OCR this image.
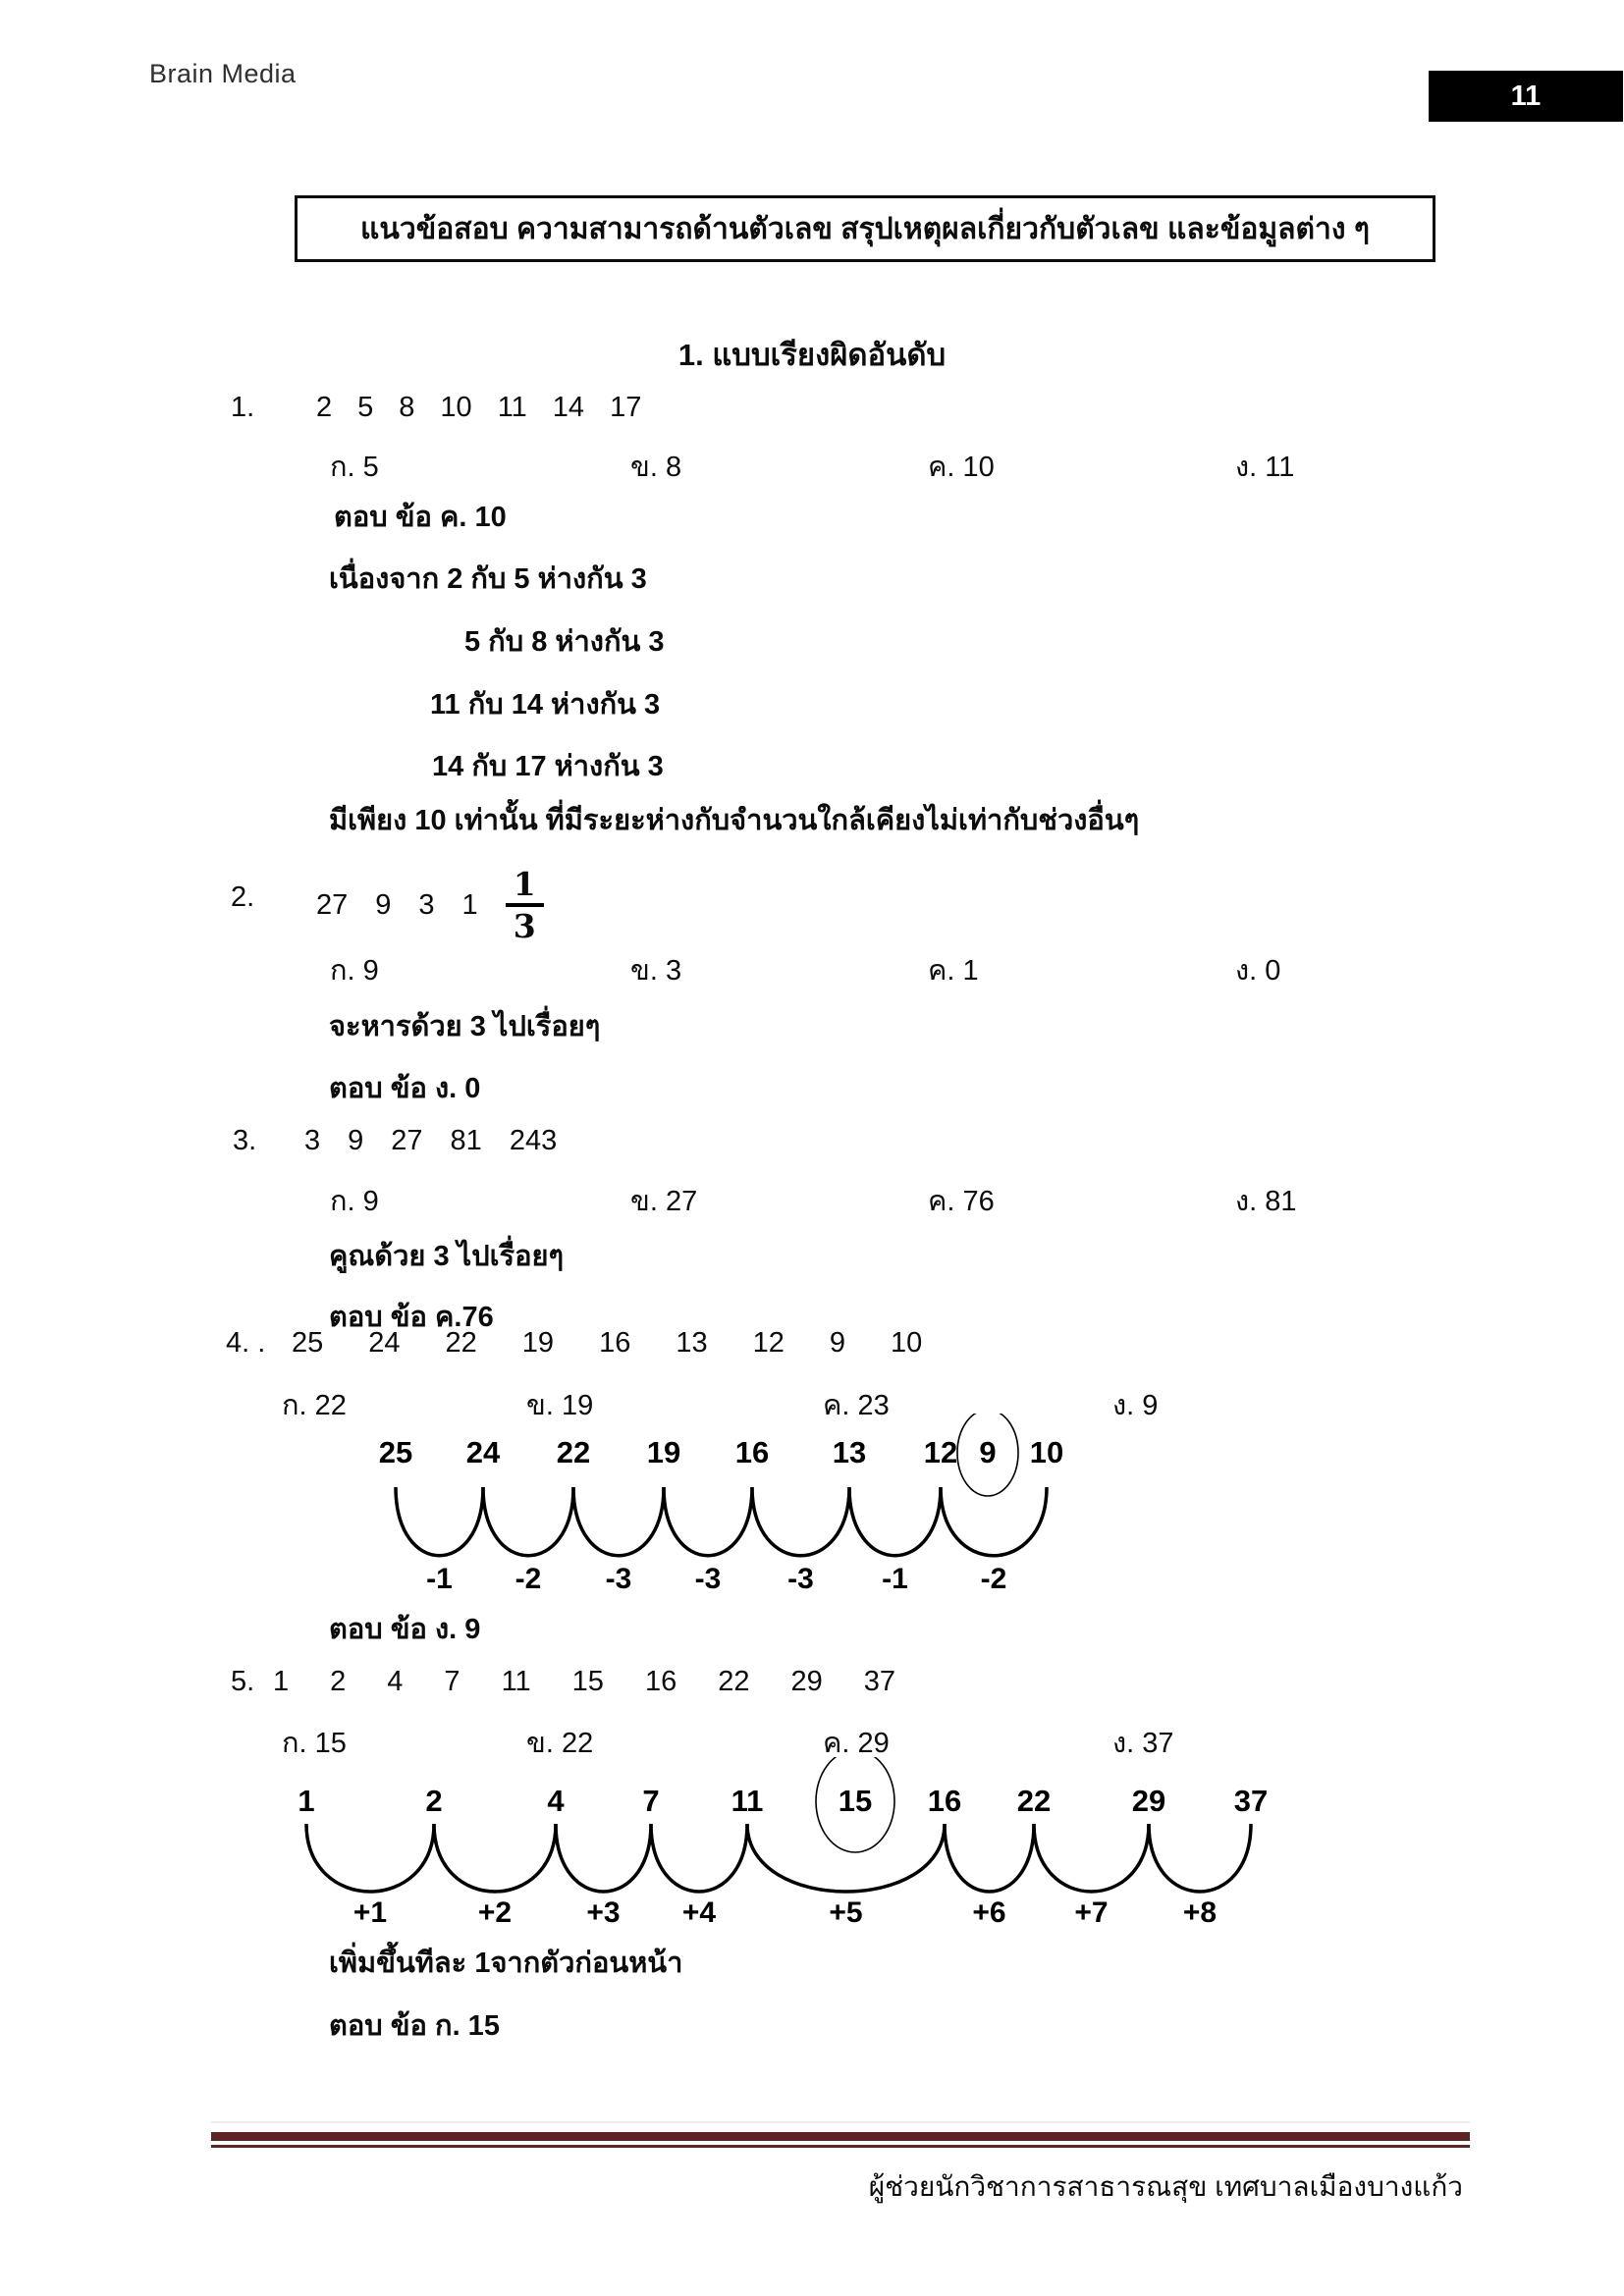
Brain Media
11
แนวข้อสอบ ความสามารถด้านตัวเลข สรุปเหตุผลเกี่ยวกับตัวเลข และข้อมูลต่าง ๆ
1. แบบเรียงผิดอันดับ
1. 2 5 8 10 11 14 17
ก. 5	ข. 8	ค. 10	ง. 11
ตอบ ข้อ ค. 10
เนื่องจาก 2 กับ 5 ห่างกัน 3
5 กับ 8 ห่างกัน 3
11 กับ 14 ห่างกัน 3
14 กับ 17 ห่างกัน 3
มีเพียง 10 เท่านั้น ที่มีระยะห่างกับจำนวนใกล้เคียงไม่เท่ากับช่วงอื่นๆ
2. 27 9 3 $1 \frac{1}{3}$
ก. 9	ข. 3	ค. 1	ง. 0
จะหารด้วย 3 ไปเรื่อยๆ
ตอบ ข้อ ง. 0
3. 3 9 27 81 243
ก. 9	ข. 27	ค. 76	ง. 81
คูณด้วย 3 ไปเรื่อยๆ
ตอบ ข้อ ค.76
4. . 25 24 22 19 16 13 12 9 10
ก. 22	ข. 19	ค. 23	ง. 9
25 24 22 19 16 13 12 9 10
-1 -2 -3 -3 -3 -1 -2
ตอบ ข้อ ง. 9
5. 1 2 4 7 11 15 16 22 29 37
ก. 15	ข. 22	ค. 29	ง. 37
1	2	4	7 11 15 16 22	29 37
+1	+2	+3 +4	+5	+6 +7	+8
เพิ่มขึ้นทีละ 1จากตัวก่อนหน้า
ตอบ ข้อ ก. 15
ผู้ช่วยนักวิชาการสาธารณสุข เทศบาลเมืองบางแก้ว
